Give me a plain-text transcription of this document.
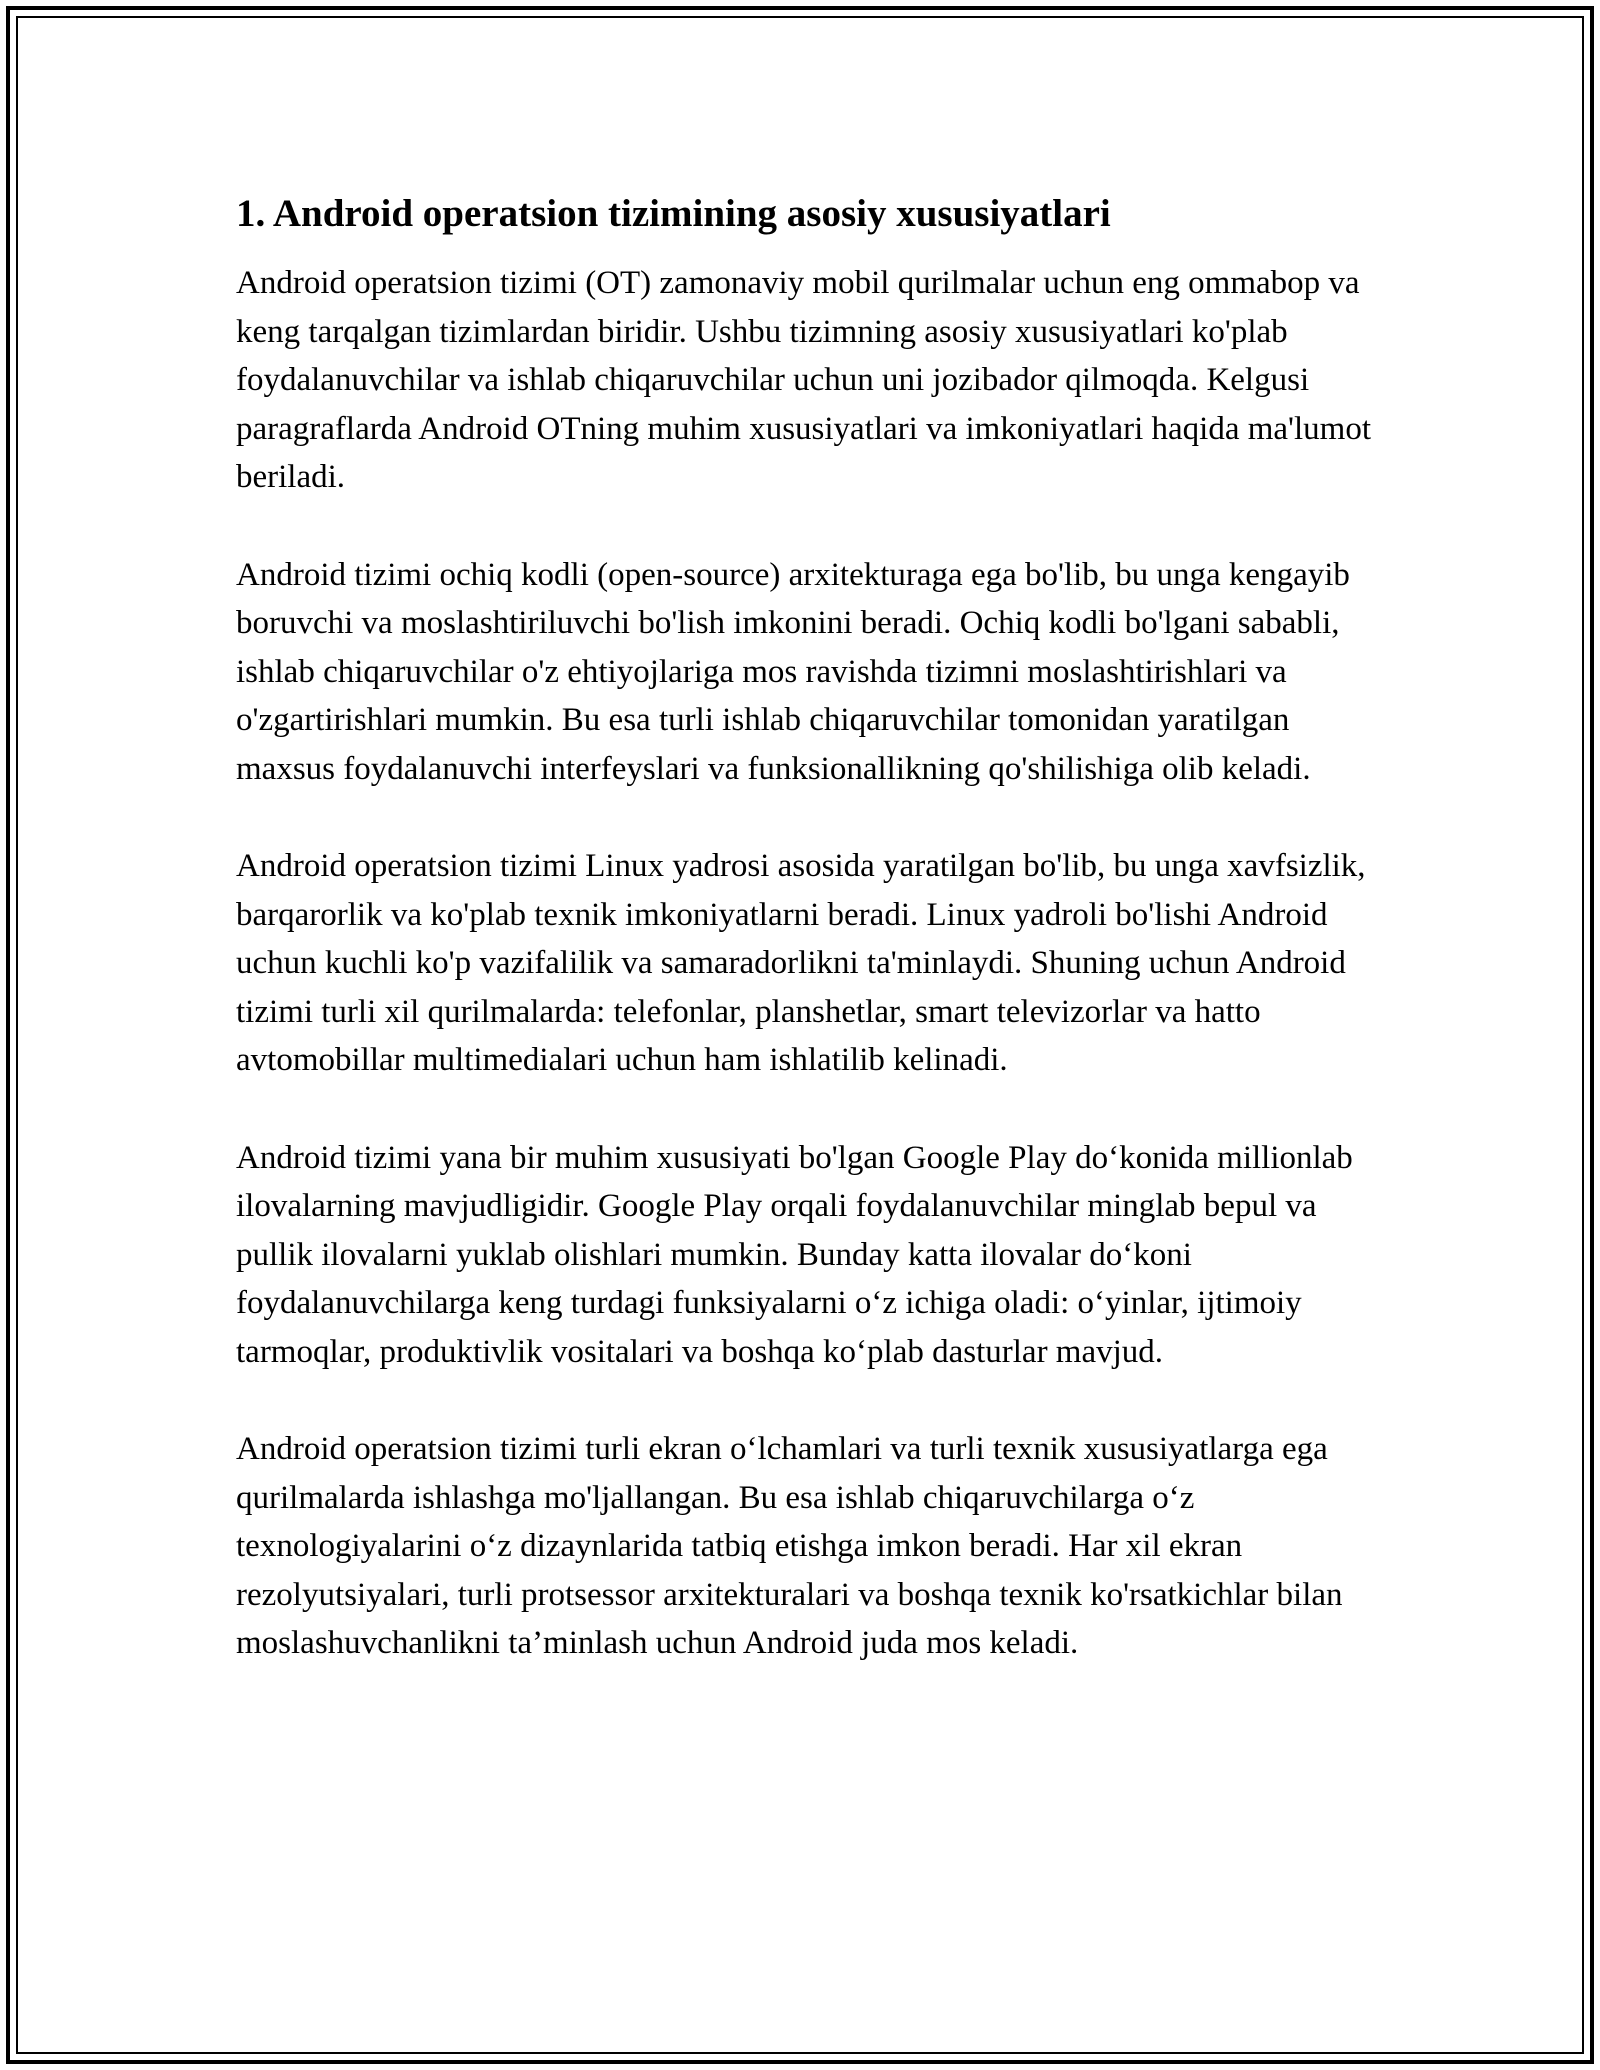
1. Android operatsion tizimining asosiy xususiyatlari

Android operatsion tizimi (OT) zamonaviy mobil qurilmalar uchun eng ommabop va keng tarqalgan tizimlardan biridir. Ushbu tizimning asosiy xususiyatlari ko'plab foydalanuvchilar va ishlab chiqaruvchilar uchun uni jozibador qilmoqda. Kelgusi paragraflarda Android OTning muhim xususiyatlari va imkoniyatlari haqida ma'lumot beriladi.

Android tizimi ochiq kodli (open-source) arxitekturaga ega bo'lib, bu unga kengayib boruvchi va moslashtiriluvchi bo'lish imkonini beradi. Ochiq kodli bo'lgani sababli, ishlab chiqaruvchilar o'z ehtiyojlariga mos ravishda tizimni moslashtirishlari va o'zgartirishlari mumkin. Bu esa turli ishlab chiqaruvchilar tomonidan yaratilgan maxsus foydalanuvchi interfeyslari va funksionallikning qo'shilishiga olib keladi.

Android operatsion tizimi Linux yadrosi asosida yaratilgan bo'lib, bu unga xavfsizlik, barqarorlik va ko'plab texnik imkoniyatlarni beradi. Linux yadroli bo'lishi Android uchun kuchli ko'p vazifalilik va samaradorlikni ta'minlaydi. Shuning uchun Android tizimi turli xil qurilmalarda: telefonlar, planshetlar, smart televizorlar va hatto avtomobillar multimedialari uchun ham ishlatilib kelinadi.

Android tizimi yana bir muhim xususiyati bo'lgan Google Play do‘konida millionlab ilovalarning mavjudligidir. Google Play orqali foydalanuvchilar minglab bepul va pullik ilovalarni yuklab olishlari mumkin. Bunday katta ilovalar do‘koni foydalanuvchilarga keng turdagi funksiyalarni o‘z ichiga oladi: o‘yinlar, ijtimoiy tarmoqlar, produktivlik vositalari va boshqa ko‘plab dasturlar mavjud.

Android operatsion tizimi turli ekran o‘lchamlari va turli texnik xususiyatlarga ega qurilmalarda ishlashga mo'ljallangan. Bu esa ishlab chiqaruvchilarga o‘z texnologiyalarini o‘z dizaynlarida tatbiq etishga imkon beradi. Har xil ekran rezolyutsiyalari, turli protsessor arxitekturalari va boshqa texnik ko'rsatkichlar bilan moslashuvchanlikni ta’minlash uchun Android juda mos keladi.
